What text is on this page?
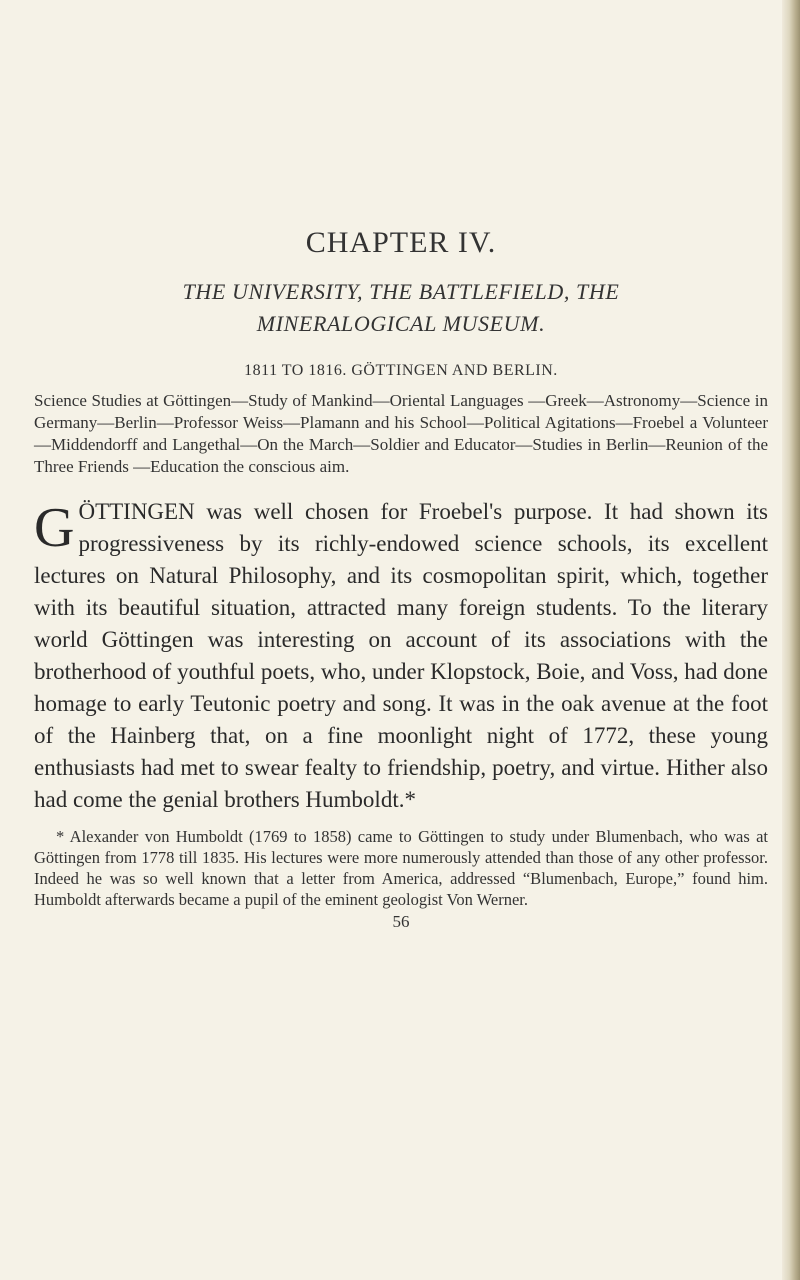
CHAPTER IV.
THE UNIVERSITY, THE BATTLEFIELD, THE
MINERALOGICAL MUSEUM.
1811 TO 1816. GÖTTINGEN AND BERLIN.
Science Studies at Göttingen—Study of Mankind—Oriental Languages —Greek—Astronomy—Science in Germany—Berlin—Professor Weiss—Plamann and his School—Political Agitations—Froebel a Volunteer—Middendorff and Langethal—On the March—Soldier and Educator—Studies in Berlin—Reunion of the Three Friends —Education the conscious aim.
GÖTTINGEN was well chosen for Froebel's purpose. It had shown its progressiveness by its richly-endowed science schools, its excellent lectures on Natural Philosophy, and its cosmopolitan spirit, which, together with its beautiful situation, attracted many foreign students. To the literary world Göttingen was interesting on account of its associations with the brotherhood of youthful poets, who, under Klopstock, Boie, and Voss, had done homage to early Teutonic poetry and song. It was in the oak avenue at the foot of the Hainberg that, on a fine moonlight night of 1772, these young enthusiasts had met to swear fealty to friendship, poetry, and virtue. Hither also had come the genial brothers Humboldt.*
* Alexander von Humboldt (1769 to 1858) came to Göttingen to study under Blumenbach, who was at Göttingen from 1778 till 1835. His lectures were more numerously attended than those of any other professor. Indeed he was so well known that a letter from America, addressed “Blumenbach, Europe,” found him. Humboldt afterwards became a pupil of the eminent geologist Von Werner.
56
